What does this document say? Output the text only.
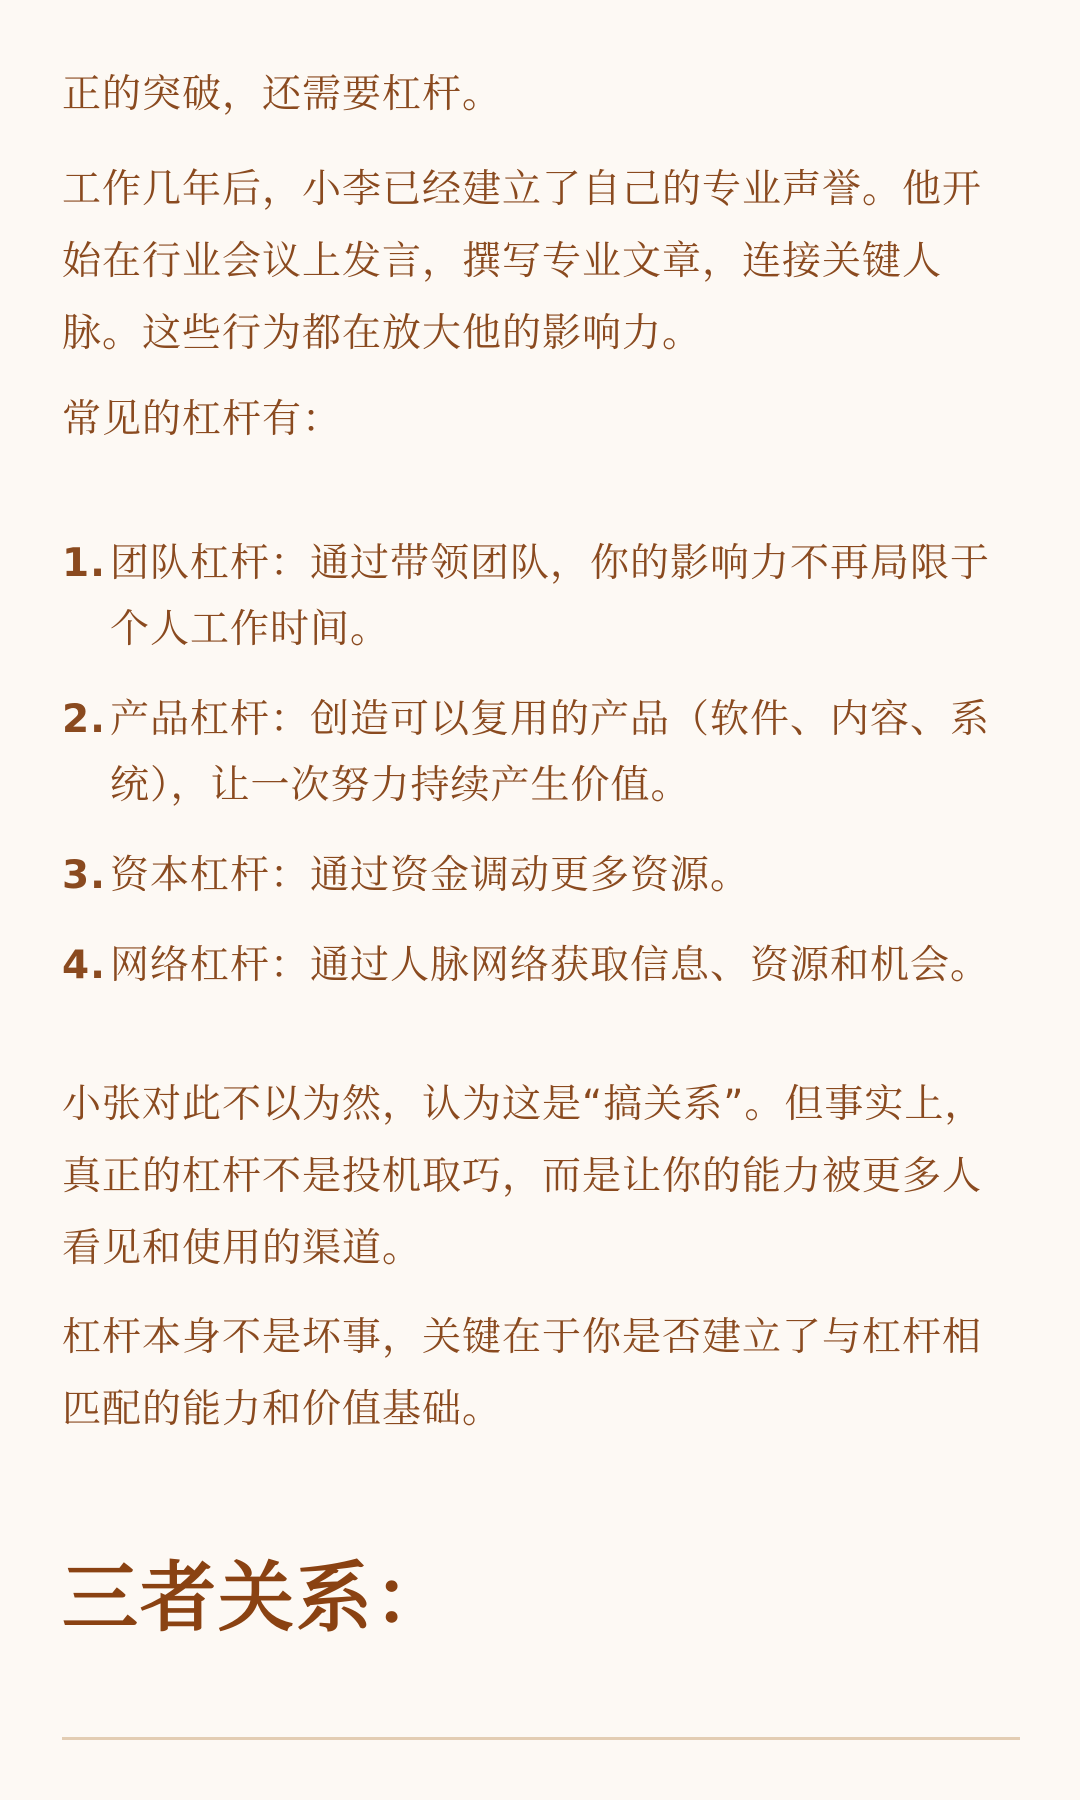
正的突破，还需要杠杆。

工作几年后，小李已经建立了自己的专业声誉。他开始在行业会议上发言，撰写专业文章，连接关键人脉。这些行为都在放大他的影响力。

常见的杠杆有：

1. 团队杠杆：通过带领团队，你的影响力不再局限于个人工作时间。
2. 产品杠杆：创造可以复用的产品（软件、内容、系统），让一次努力持续产生价值。
3. 资本杠杆：通过资金调动更多资源。
4. 网络杠杆：通过人脉网络获取信息、资源和机会。

小张对此不以为然，认为这是“搞关系”。但事实上，真正的杠杆不是投机取巧，而是让你的能力被更多人看见和使用的渠道。

杠杆本身不是坏事，关键在于你是否建立了与杠杆相匹配的能力和价值基础。

三者关系：
